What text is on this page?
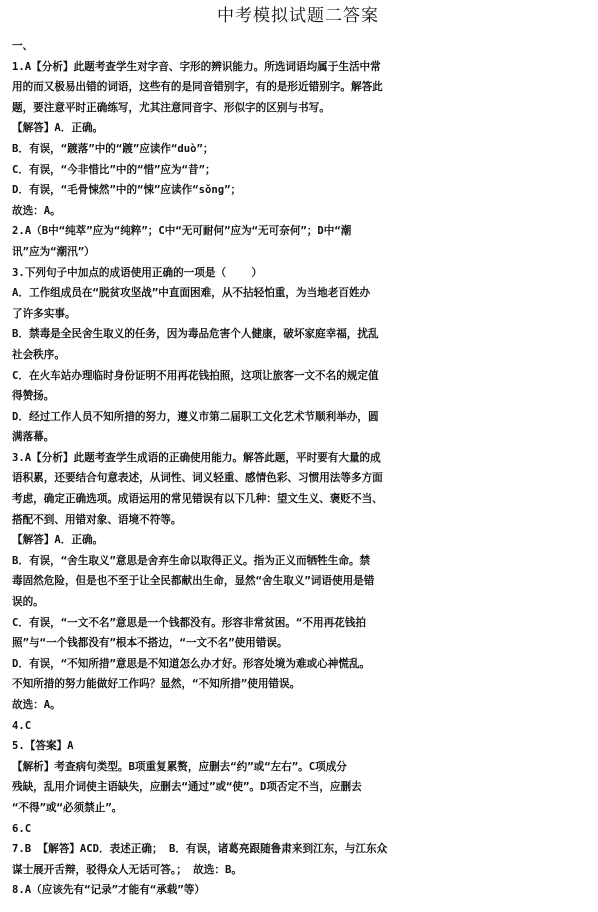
中考模拟试题二答案
一、
1.A【分析】此题考查学生对字音、字形的辨识能力。所选词语均属于生活中常
用的而又极易出错的词语，这些有的是同音错别字，有的是形近错别字。解答此
题，要注意平时正确练写，尤其注意同音字、形似字的区别与书写。
【解答】A．正确。
B．有误，“踱落”中的“踱”应读作“duò”；
C．有误，“今非惜比”中的“惜”应为“昔”；
D．有误，“毛骨悚然”中的“悚”应读作“sǒng”；
故选：A。
2.A（B中“纯萃”应为“纯粹”；C中“无可耐何”应为“无可奈何”；D中“潮
讯”应为“潮汛”）
3.下列句子中加点的成语使用正确的一项是（    ）
A．工作组成员在“脱贫攻坚战”中直面困难，从不拈轻怕重，为当地老百姓办
了许多实事。
B．禁毒是全民舍生取义的任务，因为毒品危害个人健康，破坏家庭幸福，扰乱
社会秩序。
C．在火车站办理临时身份证明不用再花钱拍照，这项让旅客一文不名的规定值
得赞扬。
D．经过工作人员不知所措的努力，遵义市第二届职工文化艺术节顺利举办，圆
满落幕。
3.A【分析】此题考查学生成语的正确使用能力。解答此题，平时要有大量的成
语积累，还要结合句意表述，从词性、词义轻重、感情色彩、习惯用法等多方面
考虑，确定正确选项。成语运用的常见错误有以下几种：望文生义、褒贬不当、
搭配不到、用错对象、语境不符等。
【解答】A．正确。
B．有误，“舍生取义”意思是舍弃生命以取得正义。指为正义而牺牲生命。禁
毒固然危险，但是也不至于让全民都献出生命，显然“舍生取义”词语使用是错
误的。
C．有误，“一文不名”意思是一个钱都没有。形容非常贫困。“不用再花钱拍
照”与“一个钱都没有”根本不搭边，“一文不名”使用错误。
D．有误，“不知所措”意思是不知道怎么办才好。形容处境为难或心神慌乱。
不知所措的努力能做好工作吗？显然，“不知所措”使用错误。
故选：A。
4.C
5.【答案】A
【解析】考查病句类型。B项重复累赘，应删去“约”或“左右”。C项成分
残缺，乱用介词使主语缺失，应删去“通过”或“使”。D项否定不当，应删去
“不得”或“必须禁止”。
6.C
7.B 【解答】ACD．表述正确； B．有误，诸葛亮跟随鲁肃来到江东，与江东众
谋士展开舌辩，驳得众人无话可答。； 故选：B。
8.A（应该先有“记录”才能有“承载”等）
